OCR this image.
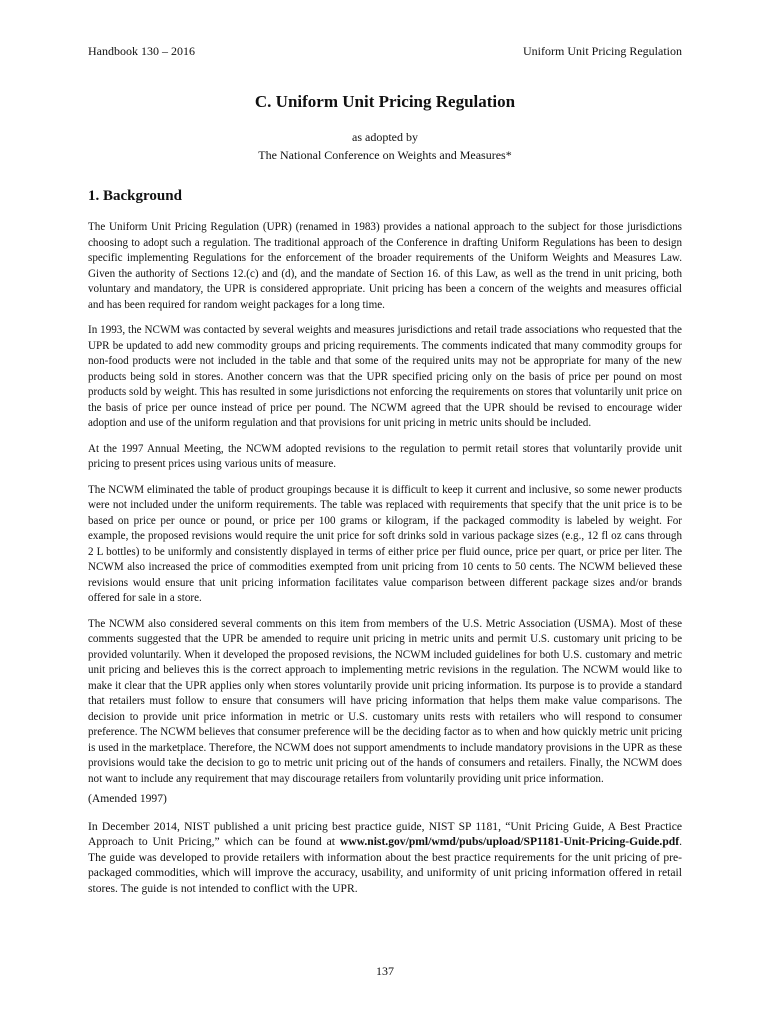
Handbook 130 – 2016	Uniform Unit Pricing Regulation
C. Uniform Unit Pricing Regulation
as adopted by
The National Conference on Weights and Measures*
1. Background

The Uniform Unit Pricing Regulation (UPR) (renamed in 1983) provides a national approach to the subject for those jurisdictions choosing to adopt such a regulation. The traditional approach of the Conference in drafting Uniform Regulations has been to design specific implementing Regulations for the enforcement of the broader requirements of the Uniform Weights and Measures Law. Given the authority of Sections 12.(c) and (d), and the mandate of Section 16. of this Law, as well as the trend in unit pricing, both voluntary and mandatory, the UPR is considered appropriate. Unit pricing has been a concern of the weights and measures official and has been required for random weight packages for a long time.

In 1993, the NCWM was contacted by several weights and measures jurisdictions and retail trade associations who requested that the UPR be updated to add new commodity groups and pricing requirements. The comments indicated that many commodity groups for non-food products were not included in the table and that some of the required units may not be appropriate for many of the new products being sold in stores. Another concern was that the UPR specified pricing only on the basis of price per pound on most products sold by weight. This has resulted in some jurisdictions not enforcing the requirements on stores that voluntarily unit price on the basis of price per ounce instead of price per pound. The NCWM agreed that the UPR should be revised to encourage wider adoption and use of the uniform regulation and that provisions for unit pricing in metric units should be included.

At the 1997 Annual Meeting, the NCWM adopted revisions to the regulation to permit retail stores that voluntarily provide unit pricing to present prices using various units of measure.

The NCWM eliminated the table of product groupings because it is difficult to keep it current and inclusive, so some newer products were not included under the uniform requirements. The table was replaced with requirements that specify that the unit price is to be based on price per ounce or pound, or price per 100 grams or kilogram, if the packaged commodity is labeled by weight. For example, the proposed revisions would require the unit price for soft drinks sold in various package sizes (e.g., 12 fl oz cans through 2 L bottles) to be uniformly and consistently displayed in terms of either price per fluid ounce, price per quart, or price per liter. The NCWM also increased the price of commodities exempted from unit pricing from 10 cents to 50 cents. The NCWM believed these revisions would ensure that unit pricing information facilitates value comparison between different package sizes and/or brands offered for sale in a store.

The NCWM also considered several comments on this item from members of the U.S. Metric Association (USMA). Most of these comments suggested that the UPR be amended to require unit pricing in metric units and permit U.S. customary unit pricing to be provided voluntarily. When it developed the proposed revisions, the NCWM included guidelines for both U.S. customary and metric unit pricing and believes this is the correct approach to implementing metric revisions in the regulation. The NCWM would like to make it clear that the UPR applies only when stores voluntarily provide unit pricing information. Its purpose is to provide a standard that retailers must follow to ensure that consumers will have pricing information that helps them make value comparisons. The decision to provide unit price information in metric or U.S. customary units rests with retailers who will respond to consumer preference. The NCWM believes that consumer preference will be the deciding factor as to when and how quickly metric unit pricing is used in the marketplace. Therefore, the NCWM does not support amendments to include mandatory provisions in the UPR as these provisions would take the decision to go to metric unit pricing out of the hands of consumers and retailers. Finally, the NCWM does not want to include any requirement that may discourage retailers from voluntarily providing unit price information.

(Amended 1997)

In December 2014, NIST published a unit pricing best practice guide, NIST SP 1181, “Unit Pricing Guide, A Best Practice Approach to Unit Pricing,” which can be found at www.nist.gov/pml/wmd/pubs/upload/SP1181-Unit-Pricing-Guide.pdf. The guide was developed to provide retailers with information about the best practice requirements for the unit pricing of pre-packaged commodities, which will improve the accuracy, usability, and uniformity of unit pricing information offered in retail stores. The guide is not intended to conflict with the UPR.

137
